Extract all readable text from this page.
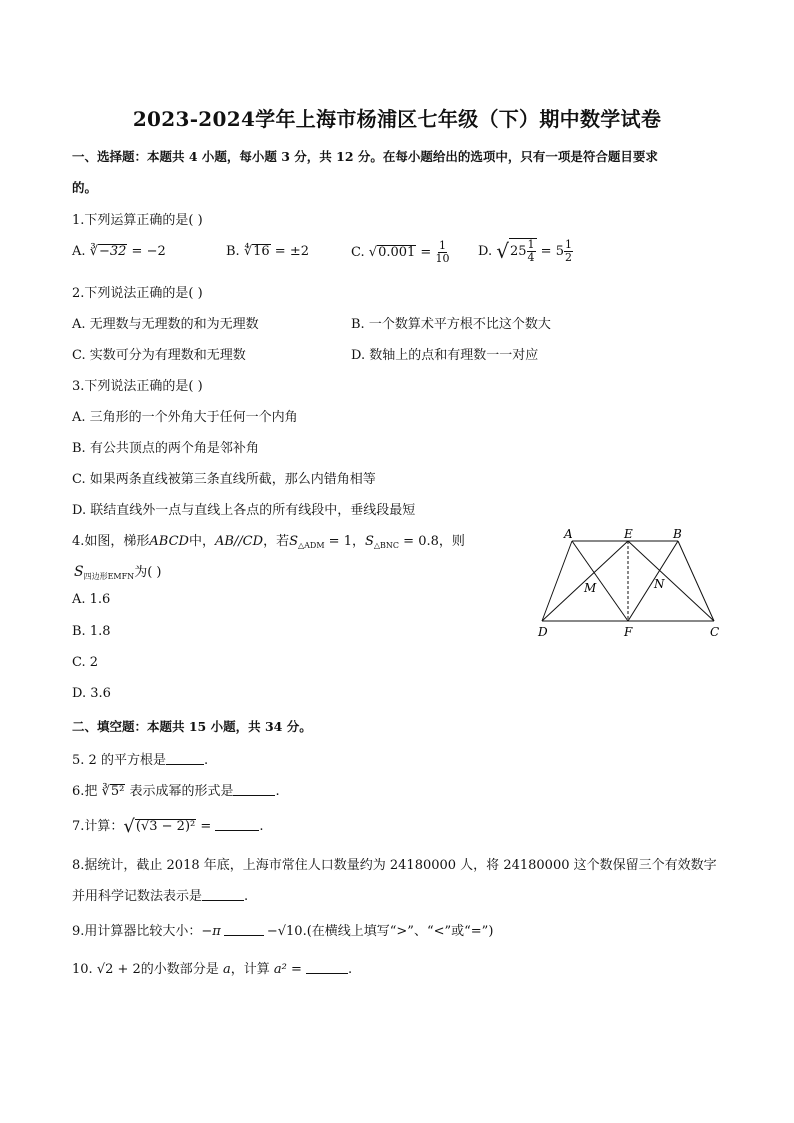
2023-2024学年上海市杨浦区七年级（下）期中数学试卷
一、选择题：本题共 4 小题，每小题 3 分，共 12 分。在每小题给出的选项中，只有一项是符合题目要求
的。
1.下列运算正确的是( )
A. ∛−32 = −2	B. ∜16 = ±2	C. $√0.001 = \frac{1}{10} D$. $√25 \frac{1}{4} = 5 \frac{1}{2}$
2.下列说法正确的是( )
A. 无理数与无理数的和为无理数	B. 一个数算术平方根不比这个数大
C. 实数可分为有理数和无理数	D. 数轴上的点和有理数一一对应
3.下列说法正确的是( )
A. 三角形的一个外角大于任何一个内角
B. 有公共顶点的两个角是邻补角
C. 如果两条直线被第三条直线所截，那么内错角相等
D. 联结直线外一点与直线上各点的所有线段中，垂线段最短
4.如图，梯形ABCD中，AB//CD，若$S_{\triangle ADM} = 1$，$S_{\triangle BNC} = 0.8$，则
$S_{四边形EMFN}$为( )
A. 1.6
B. 1.8
C. 2
D. 3.6
A	E	B
M	N
D	F	C
二、填空题：本题共 15 小题，共 34 分。
5. 2 的平方根是	.
6.把 ∛5² 表示成幂的形式是	.
7.计算：√(√3 − 2)² =	.
8.据统计，截止 2018 年底，上海市常住人口数量约为 24180000 人，将 24180000 这个数保留三个有效数字
并用科学记数法表示是	.
9.用计算器比较大小：−π	−√10.(在横线上填写“>”、“<”或“=”)
10. √2 + 2的小数部分是 a，计算 a² =	.
